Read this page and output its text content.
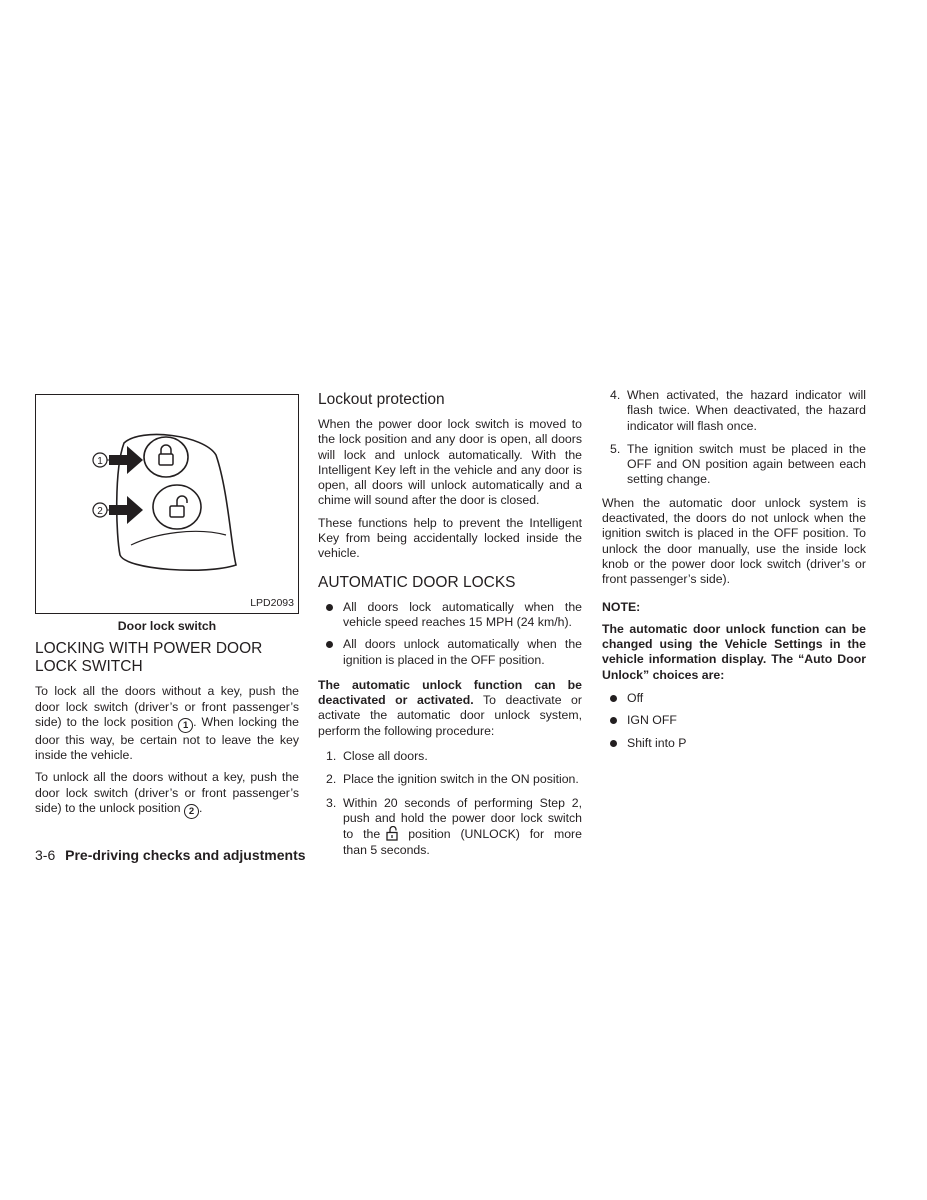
1
2
LPD2093
Door lock switch
LOCKING WITH POWER DOOR LOCK SWITCH

To lock all the doors without a key, push the door lock switch (driver’s or front passenger’s side) to the lock position 1 . When locking the door this way, be certain not to leave the key inside the vehicle.

To unlock all the doors without a key, push the door lock switch (driver’s or front passenger’s side) to the unlock position 2 .

Lockout protection

When the power door lock switch is moved to the lock position and any door is open, all doors will lock and unlock automatically. With the Intelligent Key left in the vehicle and any door is open, all doors will unlock automatically and a chime will sound after the door is closed.

These functions help to prevent the Intelligent Key from being accidentally locked inside the vehicle.

AUTOMATIC DOOR LOCKS
All doors lock automatically when the vehicle speed reaches 15 MPH (24 km/h).
All doors unlock automatically when the ignition is placed in the OFF position.

The automatic unlock function can be deactivated or activated. To deactivate or activate the automatic door unlock system, perform the following procedure:

1. Close all doors.
2. Place the ignition switch in the ON position.
3. Within 20 seconds of performing Step 2, push and hold the power door lock switch to the position (UNLOCK) for more than 5 seconds.
4. When activated, the hazard indicator will flash twice. When deactivated, the hazard indicator will flash once.
5. The ignition switch must be placed in the OFF and ON position again between each setting change.

When the automatic door unlock system is deactivated, the doors do not unlock when the ignition switch is placed in the OFF position. To unlock the door manually, use the inside lock knob or the power door lock switch (driver’s or front passenger’s side).

NOTE:

The automatic door unlock function can be changed using the Vehicle Settings in the vehicle information display. The “Auto Door Unlock” choices are:

Off
IGN OFF
Shift into P
3-6 Pre-driving checks and adjustments
